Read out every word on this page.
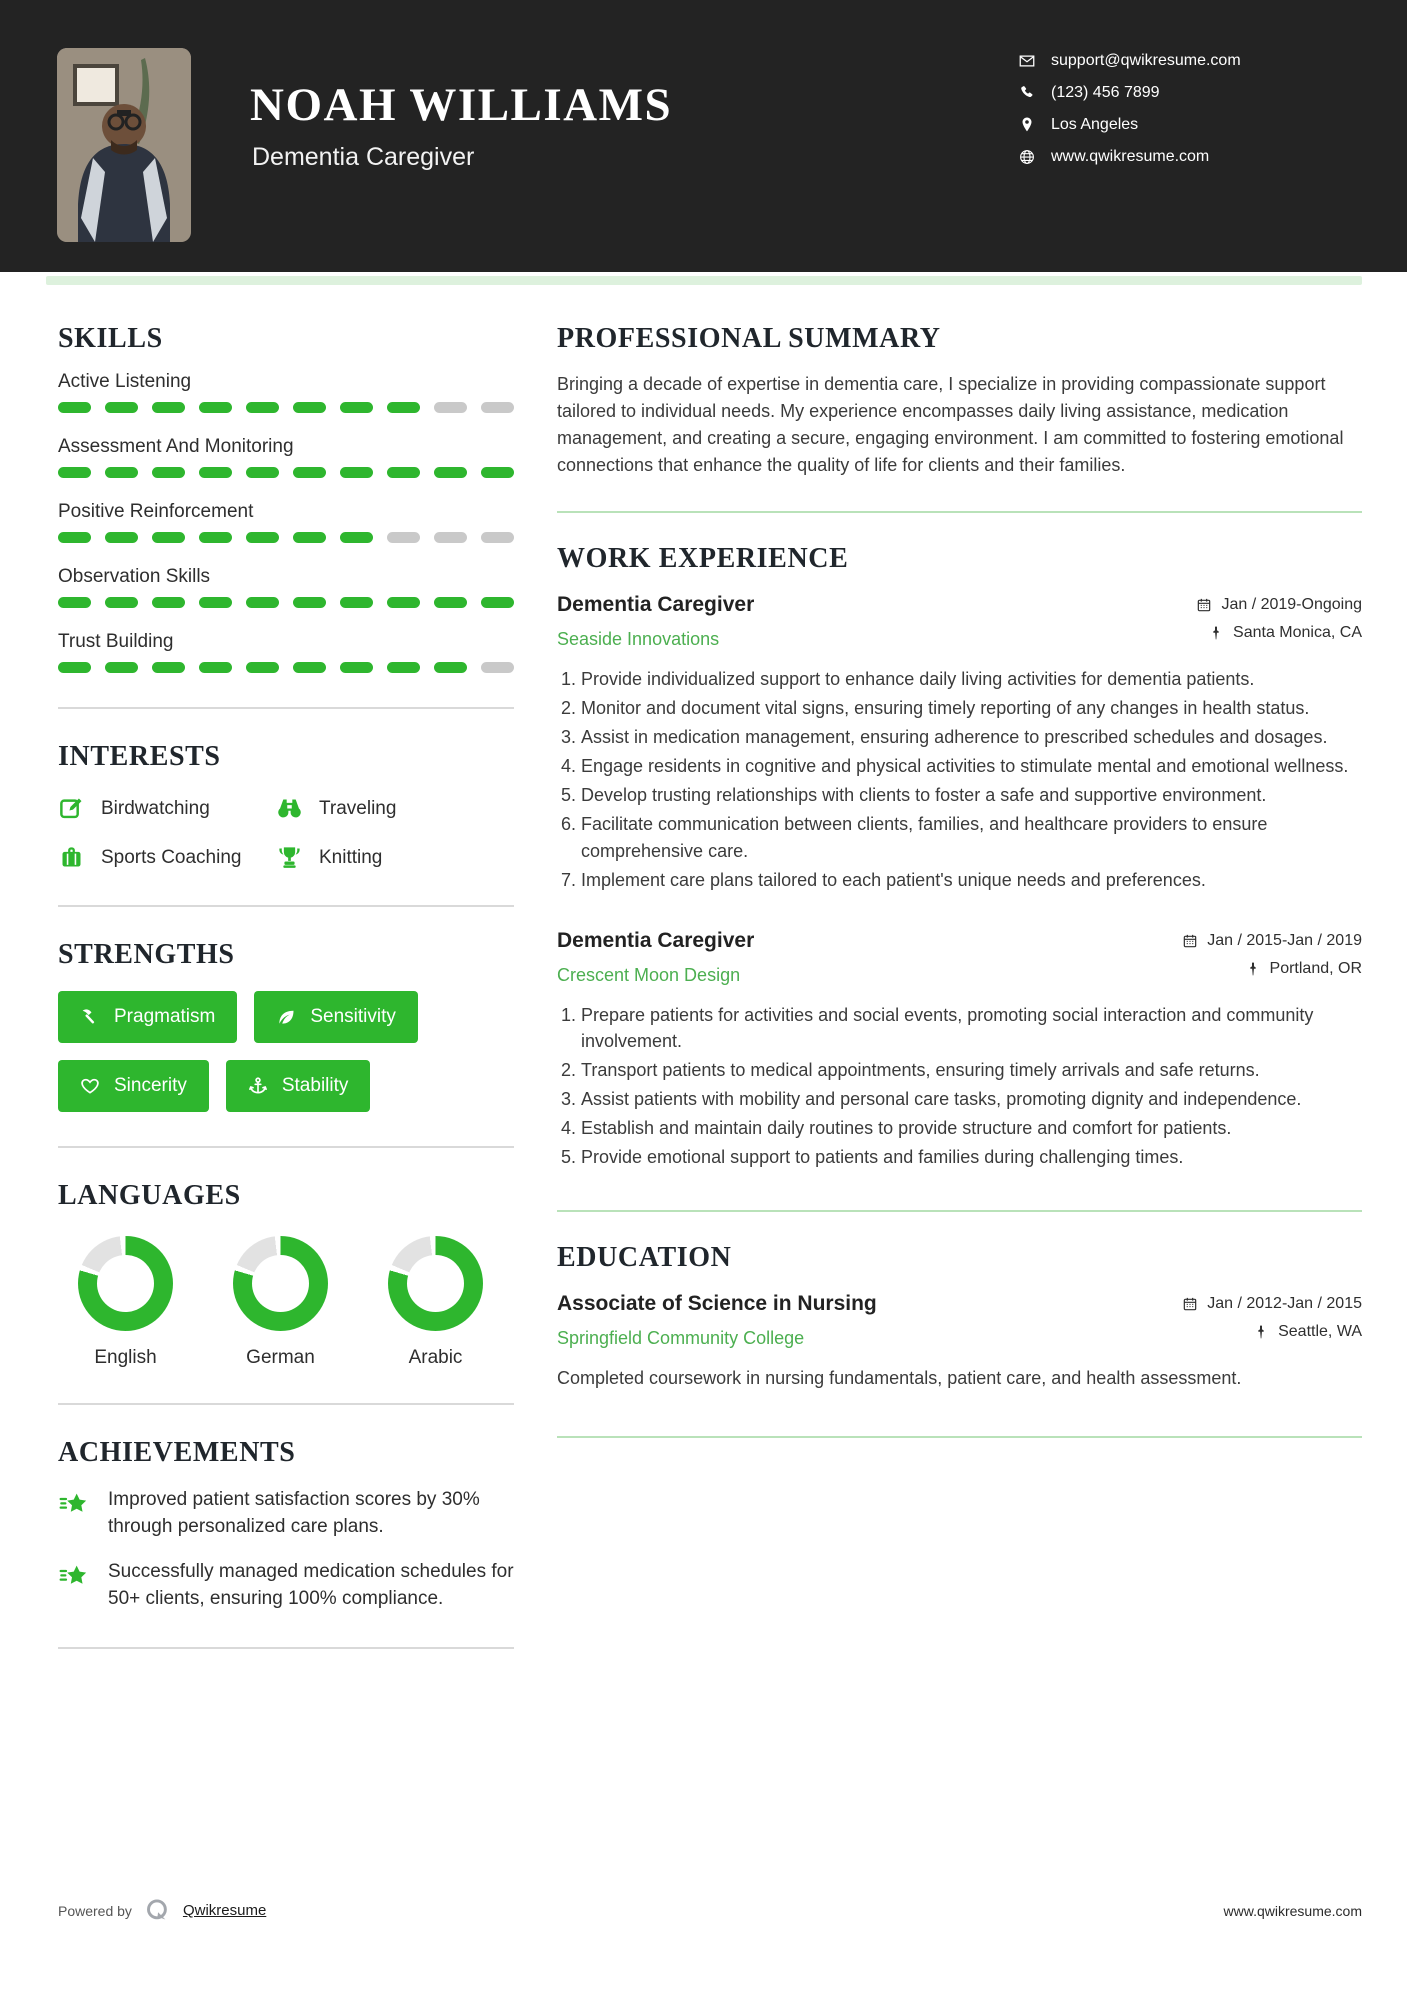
NOAH WILLIAMS
Dementia Caregiver
support@qwikresume.com
(123) 456 7899
Los Angeles
www.qwikresume.com
SKILLS
Active Listening
Assessment And Monitoring
Positive Reinforcement
Observation Skills
Trust Building
INTERESTS
Birdwatching	Traveling
Sports Coaching	Knitting
STRENGTHS
Pragmatism	Sensitivity
Sincerity	Stability
LANGUAGES
English	German	Arabic
ACHIEVEMENTS
Improved patient satisfaction scores by 30% through personalized care plans.
Successfully managed medication schedules for 50+ clients, ensuring 100% compliance.
PROFESSIONAL SUMMARY

Bringing a decade of expertise in dementia care, I specialize in providing compassionate support tailored to individual needs. My experience encompasses daily living assistance, medication management, and creating a secure, engaging environment. I am committed to fostering emotional connections that enhance the quality of life for clients and their families.

WORK EXPERIENCE
Dementia Caregiver
Seaside Innovations
Jan / 2019-Ongoing
Santa Monica, CA
1. Provide individualized support to enhance daily living activities for dementia patients.
2. Monitor and document vital signs, ensuring timely reporting of any changes in health status.
3. Assist in medication management, ensuring adherence to prescribed schedules and dosages.
4. Engage residents in cognitive and physical activities to stimulate mental and emotional wellness.
5. Develop trusting relationships with clients to foster a safe and supportive environment.
6. Facilitate communication between clients, families, and healthcare providers to ensure comprehensive care.
7. Implement care plans tailored to each patient's unique needs and preferences.
Dementia Caregiver
Crescent Moon Design
Jan / 2015-Jan / 2019
Portland, OR
1. Prepare patients for activities and social events, promoting social interaction and community involvement.
2. Transport patients to medical appointments, ensuring timely arrivals and safe returns.
3. Assist patients with mobility and personal care tasks, promoting dignity and independence.
4. Establish and maintain daily routines to provide structure and comfort for patients.
5. Provide emotional support to patients and families during challenging times.
EDUCATION
Associate of Science in Nursing
Springfield Community College
Jan / 2012-Jan / 2015
Seattle, WA

Completed coursework in nursing fundamentals, patient care, and health assessment.

Powered by	Qwikresume	www.qwikresume.com
